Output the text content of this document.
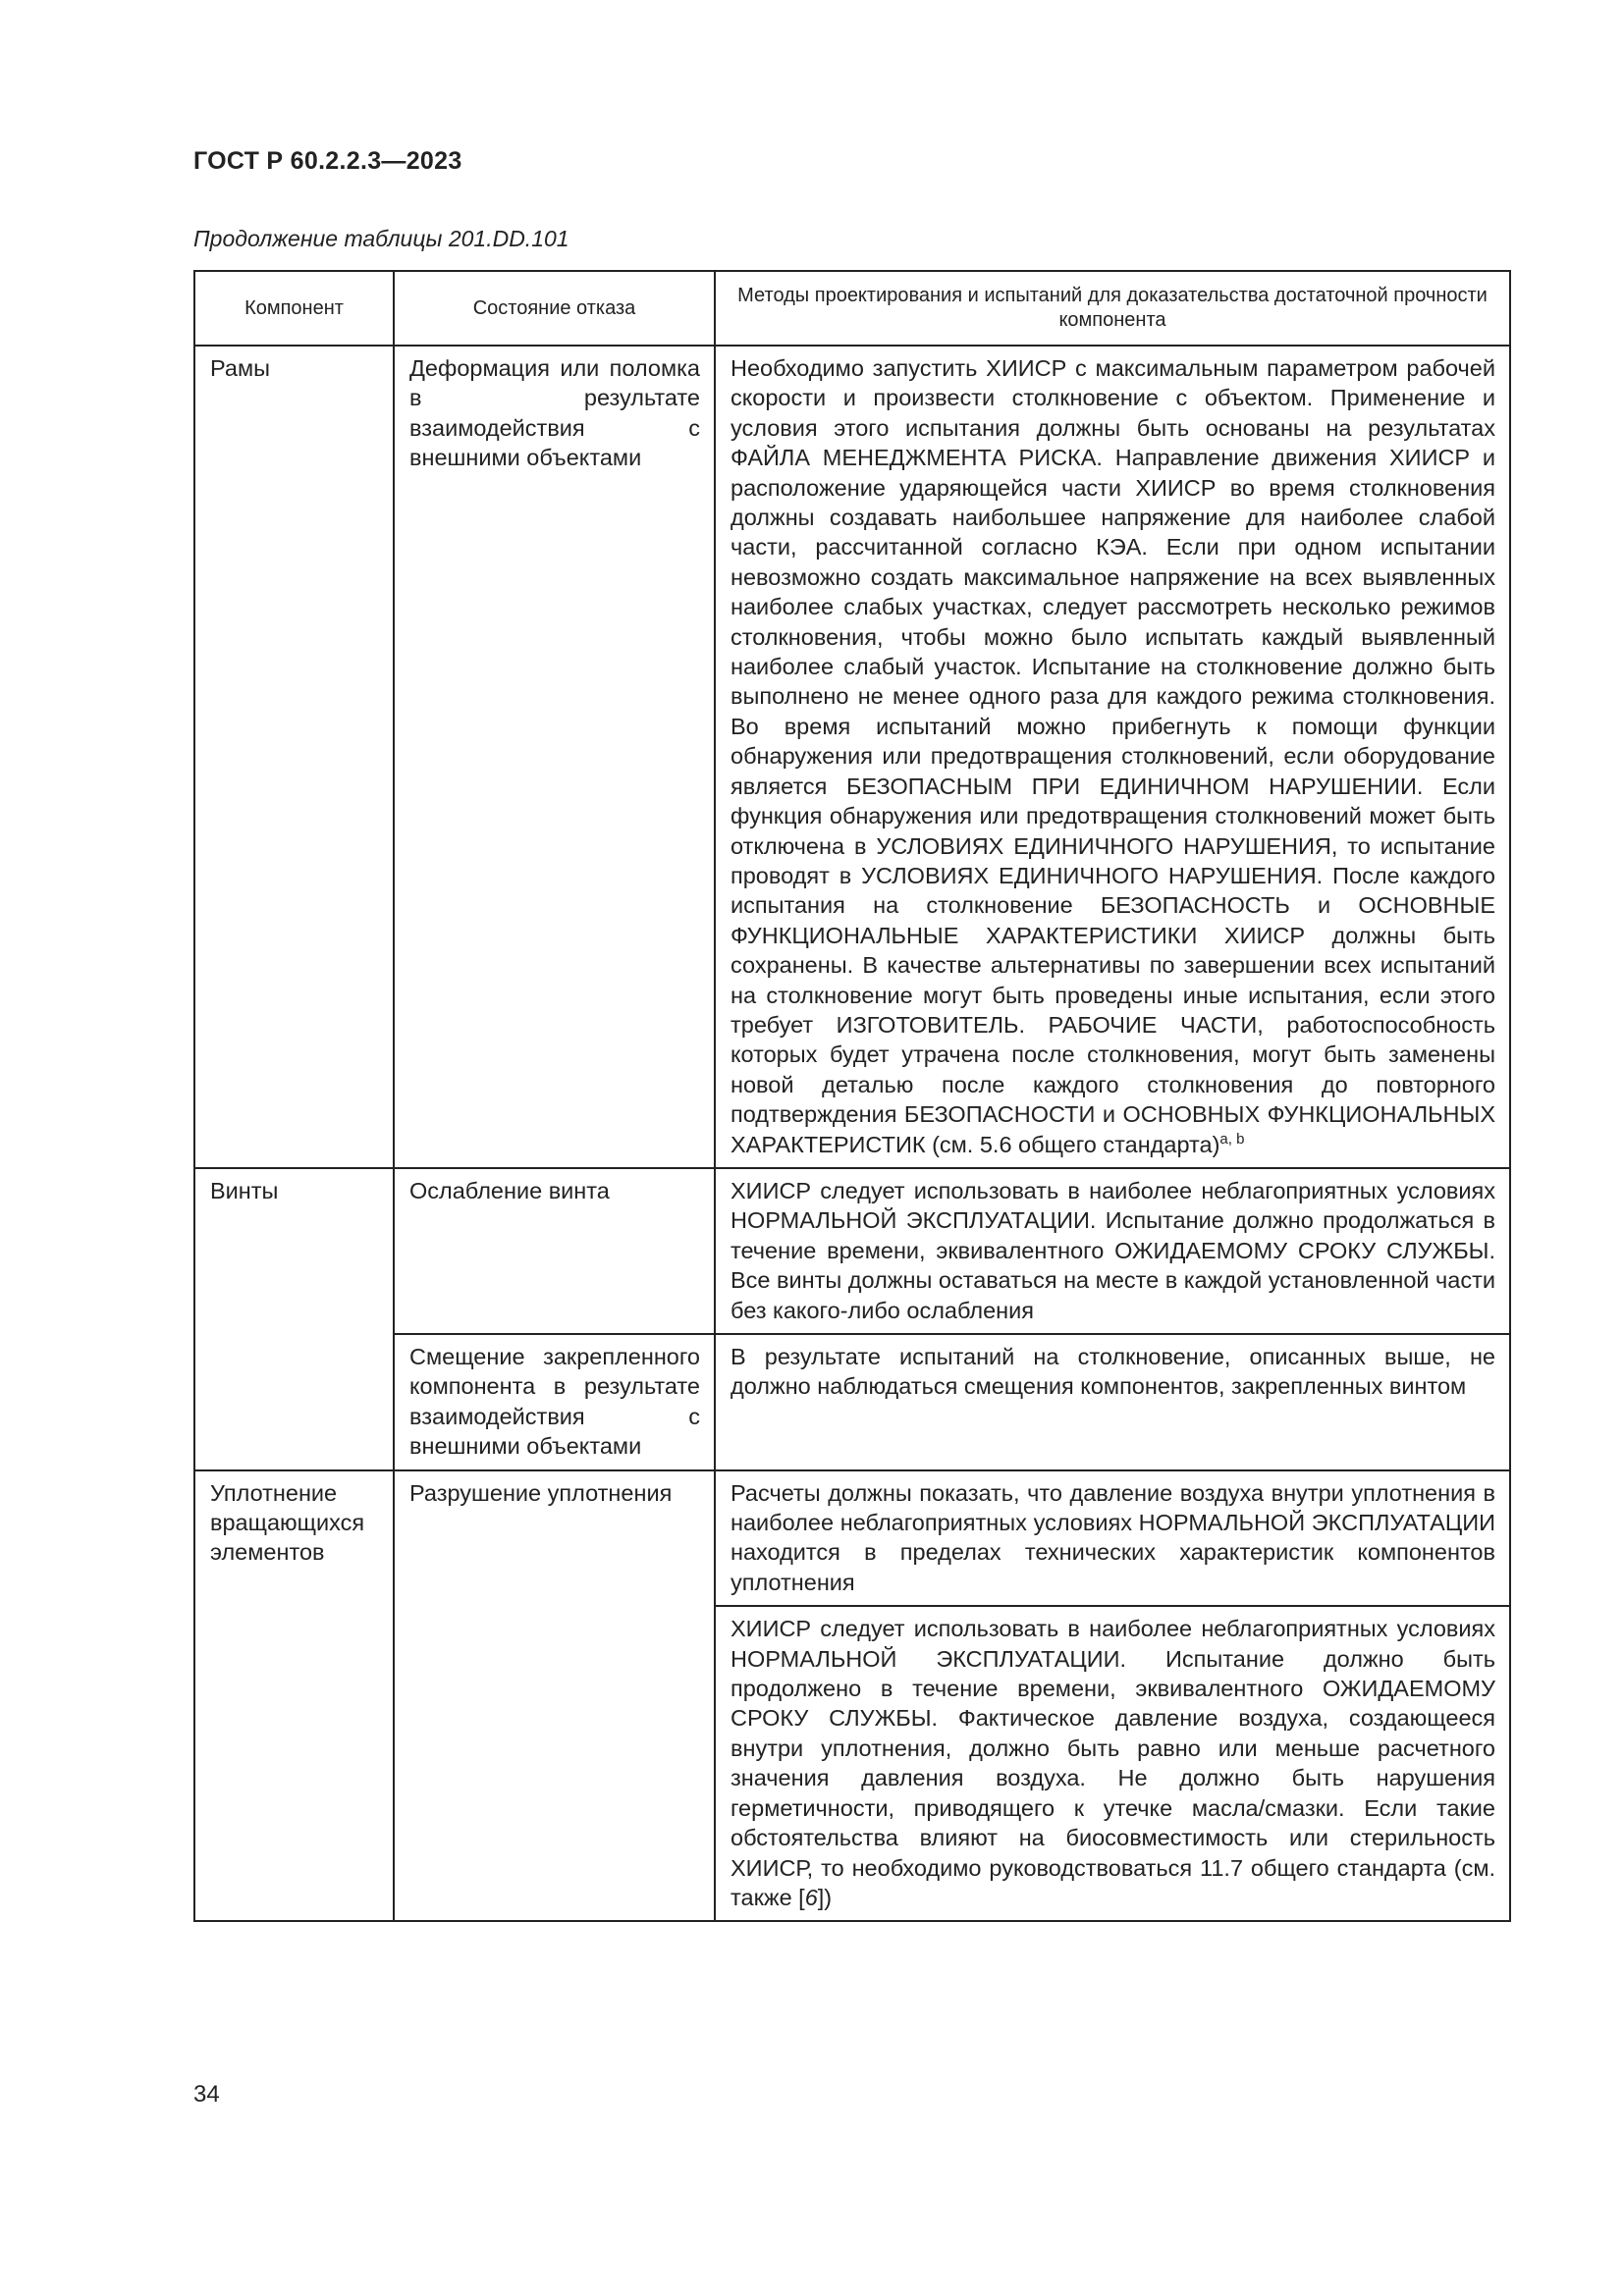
ГОСТ Р 60.2.2.3—2023
Продолжение таблицы 201.DD.101
Компонент	Состояние отказа	Методы проектирования и испытаний для доказательства достаточной прочности компонента
Рамы	Деформация или поломка в результате взаимодействия с внешними объектами	Необходимо запустить ХИИСР с максимальным параметром рабочей скорости и произвести столкновение с объектом. Применение и условия этого испытания должны быть основаны на результатах ФАЙЛА МЕНЕДЖМЕНТА РИСКА. Направление движения ХИИСР и расположение ударяющейся части ХИИСР во время столкновения должны создавать наибольшее напряжение для наиболее слабой части, рассчитанной согласно КЭА. Если при одном испытании невозможно создать максимальное напряжение на всех выявленных наиболее слабых участках, следует рассмотреть несколько режимов столкновения, чтобы можно было испытать каждый выявленный наиболее слабый участок. Испытание на столкновение должно быть выполнено не менее одного раза для каждого режима столкновения. Во время испытаний можно прибегнуть к помощи функции обнаружения или предотвращения столкновений, если оборудование является БЕЗОПАСНЫМ ПРИ ЕДИНИЧНОМ НАРУШЕНИИ. Если функция обнаружения или предотвращения столкновений может быть отключена в УСЛОВИЯХ ЕДИНИЧНОГО НАРУШЕНИЯ, то испытание проводят в УСЛОВИЯХ ЕДИНИЧНОГО НАРУШЕНИЯ. После каждого испытания на столкновение БЕЗОПАСНОСТЬ и ОСНОВНЫЕ ФУНКЦИОНАЛЬНЫЕ ХАРАКТЕРИСТИКИ ХИИСР должны быть сохранены. В качестве альтернативы по завершении всех испытаний на столкновение могут быть проведены иные испытания, если этого требует ИЗГОТОВИТЕЛЬ. РАБОЧИЕ ЧАСТИ, работоспособность которых будет утрачена после столкновения, могут быть заменены новой деталью после каждого столкновения до повторного подтверждения БЕЗОПАСНОСТИ и ОСНОВНЫХ ФУНКЦИОНАЛЬНЫХ ХАРАКТЕРИСТИК (см. 5.6 общего стандарта)$^{a, b}$
Винты	Ослабление винта	ХИИСР следует использовать в наиболее неблагоприятных условиях НОРМАЛЬНОЙ ЭКСПЛУАТАЦИИ. Испытание должно продолжаться в течение времени, эквивалентного ОЖИДАЕМОМУ СРОКУ СЛУЖБЫ. Все винты должны оставаться на месте в каждой установленной части без какого-либо ослабления
	Смещение закрепленного компонента в результате взаимодействия с внешними объектами	В результате испытаний на столкновение, описанных выше, не должно наблюдаться смещения компонентов, закрепленных винтом
Уплотнение вращающихся элементов	Разрушение уплотнения	Расчеты должны показать, что давление воздуха внутри уплотнения в наиболее неблагоприятных условиях НОРМАЛЬНОЙ ЭКСПЛУАТАЦИИ находится в пределах технических характеристик компонентов уплотнения
		ХИИСР следует использовать в наиболее неблагоприятных условиях НОРМАЛЬНОЙ ЭКСПЛУАТАЦИИ. Испытание должно быть продолжено в течение времени, эквивалентного ОЖИДАЕМОМУ СРОКУ СЛУЖБЫ. Фактическое давление воздуха, создающееся внутри уплотнения, должно быть равно или меньше расчетного значения давления воздуха. Не должно быть нарушения герметичности, приводящего к утечке масла/смазки. Если такие обстоятельства влияют на биосовместимость или стерильность ХИИСР, то необходимо руководствоваться 11.7 общего стандарта (см. также [6])
34
